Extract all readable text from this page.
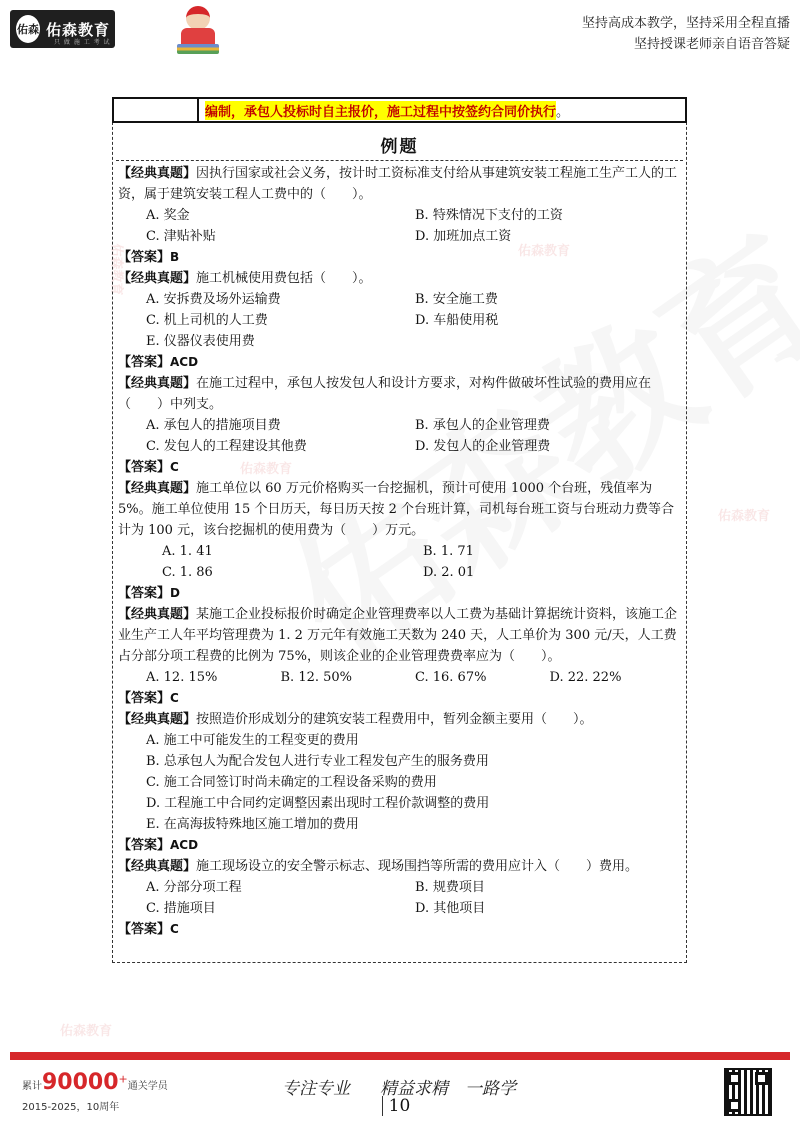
佑森 佑森教育
只 做 施 工 考 试
坚持高成本教学，坚持采用全程直播
坚持授课老师亲自语音答疑
佑森教育
佑森教育
佑森教育
佑森教育
佑森教育
编制，承包人投标时自主报价，施工过程中按签约合同价执行 。
例题
【经典真题】因执行国家或社会义务，按计时工资标准支付给从事建筑安装工程施工生产工人的工资，属于建筑安装工程人工费中的（　　）。
A. 奖金	B. 特殊情况下支付的工资
C. 津贴补贴	D. 加班加点工资
【答案】B
【经典真题】施工机械使用费包括（　　）。
A. 安拆费及场外运输费	B. 安全施工费
C. 机上司机的人工费	D. 车船使用税
E. 仪器仪表使用费
【答案】ACD
【经典真题】在施工过程中，承包人按发包人和设计方要求，对构件做破坏性试验的费用应在（　　）中列支。
A. 承包人的措施项目费	B. 承包人的企业管理费
C. 发包人的工程建设其他费	D. 发包人的企业管理费
【答案】C
【经典真题】施工单位以 60 万元价格购买一台挖掘机，预计可使用 1000 个台班，残值率为 5%。施工单位使用 15 个日历天，每日历天按 2 个台班计算，司机每台班工资与台班动力费等合计为 100 元，该台挖掘机的使用费为（　　）万元。
A. 1. 41	B. 1. 71
C. 1. 86	D. 2. 01
【答案】D
【经典真题】某施工企业投标报价时确定企业管理费率以人工费为基础计算据统计资料，该施工企业生产工人年平均管理费为 1. 2 万元年有效施工天数为 240 天，人工单价为 300 元/天，人工费占分部分项工程费的比例为 75%，则该企业的企业管理费费率应为（　　）。
A. 12. 15%	B. 12. 50%	C. 16. 67%	D. 22. 22%
【答案】C
【经典真题】按照造价形成划分的建筑安装工程费用中，暂列金额主要用（　　）。
A. 施工中可能发生的工程变更的费用
B. 总承包人为配合发包人进行专业工程发包产生的服务费用
C. 施工合同签订时尚未确定的工程设备采购的费用
D. 工程施工中合同约定调整因素出现时工程价款调整的费用
E. 在高海拔特殊地区施工增加的费用
【答案】ACD
【经典真题】施工现场设立的安全警示标志、现场围挡等所需的费用应计入（　　）费用。
A. 分部分项工程	B. 规费项目
C. 措施项目	D. 其他项目
【答案】C
累计90000+通关学员
2015-2025，10周年
专注专业 精益求精　一路学
10
